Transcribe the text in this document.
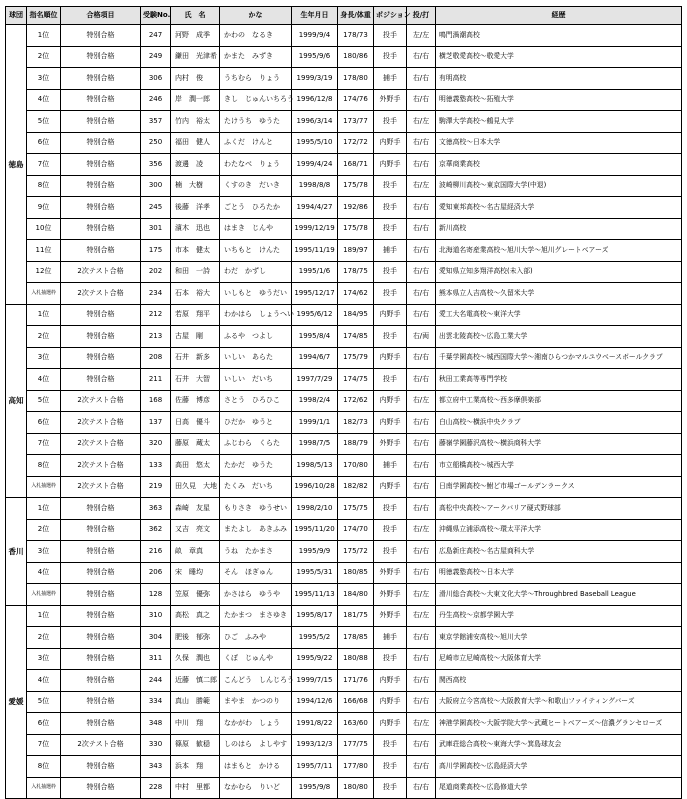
球団	指名順位	合格項目	受験No.	氏　名	かな	生年月日	身長/体重	ポジション	投/打	経歴
徳島	1位	特別合格	247	河野　成季	かわの　なるき	1999/9/4	178/73	投手	左/左	鳴門渦潮高校
	2位	特別合格	249	鎌田　光津希	かまた　みずき	1995/9/6	180/86	投手	右/右	横芝敬愛高校～敬愛大学
	3位	特別合格	306	内村　俊	うちむら　りょう	1999/3/19	178/80	捕手	右/右	有明高校
	4位	特別合格	246	岸　潤一郎	きし　じゅんいちろう	1996/12/8	174/76	外野手	右/右	明徳義塾高校～拓殖大学
	5位	特別合格	357	竹内　裕太	たけうち　ゆうた	1996/3/14	173/77	投手	右/左	駒澤大学高校～鶴見大学
	6位	特別合格	250	福田　健人	ふくだ　けんと	1995/5/10	172/72	内野手	右/右	文徳高校～日本大学
	7位	特別合格	356	渡邊　凌	わたなべ　りょう	1999/4/24	168/71	内野手	右/右	京華商業高校
	8位	特別合格	300	楠　大樹	くすのき　だいき	1998/8/8	175/78	投手	右/左	波崎柳川高校～東京国際大学(中退)
	9位	特別合格	245	後藤　洋孝	ごとう　ひろたか	1994/4/27	192/86	投手	右/右	愛知東邦高校～名古屋経済大学
	10位	特別合格	301	濱木　迅也	はまき　じんや	1999/12/19	175/78	投手	右/右	新川高校
	11位	特別合格	175	市本　健太	いちもと　けんた	1995/11/19	189/97	捕手	右/右	北海道名寄産業高校～旭川大学～旭川グレートベアーズ
	12位	2次テスト合格	202	和田　一詩	わだ　かずし	1995/1/6	178/75	投手	右/右	愛知県立知多翔洋高校(未入部)
	入札抽選枠	2次テスト合格	234	石本　裕大	いしもと　ゆうだい	1995/12/17	174/62	投手	右/右	熊本県立人吉高校～久留米大学
高知	1位	特別合格	212	若原　翔平	わかはら　しょうへい	1995/6/12	184/95	内野手	右/右	愛工大名電高校～東洋大学
	2位	特別合格	213	古屋　剛	ふるや　つよし	1995/8/4	174/85	投手	右/両	出雲北陵高校～広島工業大学
	3位	特別合格	208	石井　新多	いしい　あらた	1994/6/7	175/79	内野手	右/右	千葉学園高校～城西国際大学～湘南ひらつかマルユウベースボールクラブ
	4位	特別合格	211	石井　大智	いしい　だいち	1997/7/29	174/75	投手	右/右	秋田工業高等専門学校
	5位	2次テスト合格	168	佐藤　博彦	さとう　ひろひこ	1998/2/4	172/62	内野手	右/左	都立府中工業高校～西多摩倶楽部
	6位	2次テスト合格	137	日高　優斗	ひだか　ゆうと	1999/1/1	182/73	内野手	右/右	白山高校～横浜中央クラブ
	7位	2次テスト合格	320	藤原　蔵太	ふじわら　くらた	1998/7/5	188/79	外野手	右/右	藤嶺学園藤沢高校～横浜商科大学
	8位	2次テスト合格	133	高田　悠太	たかだ　ゆうた	1998/5/13	170/80	捕手	右/右	市立船橋高校～城西大学
	入札抽選枠	2次テスト合格	219	田久見　大地	たくみ　だいち	1996/10/28	182/82	内野手	右/右	日南学園高校～鮒ど市場ゴールデンラークス
香川	1位	特別合格	363	森崎　友星	もりさき　ゆうせい	1998/2/10	175/75	投手	右/右	高松中央高校～アークバリア硬式野球部
	2位	特別合格	362	又吉　亮文	またよし　あきふみ	1995/11/20	174/70	投手	右/左	沖縄県立浦添高校～環太平洋大学
	3位	特別合格	216	畝　章真	うね　たかまさ	1995/9/9	175/72	投手	右/右	広島新庄高校～名古屋商科大学
	4位	特別合格	206	宋　睡均	そん　ほぎゅん	1995/5/31	180/85	外野手	右/右	明徳義塾高校～日本大学
	入札抽選枠	特別合格	128	笠原　優弥	かさはら　ゆうや	1995/11/13	184/80	外野手	右/左	滑川総合高校～大東文化大学～Throughbred Baseball League
愛媛	1位	特別合格	310	高松　真之	たかまつ　まさゆき	1995/8/17	181/75	外野手	右/左	丹生高校～京都学園大学
	2位	特別合格	304	肥後　郁弥	ひご　ふみや	1995/5/2	178/85	捕手	右/右	東京学館浦安高校～旭川大学
	3位	特別合格	311	久保　潤也	くぼ　じゅんや	1995/9/22	180/88	投手	右/右	尼崎市立尼崎高校～大阪体育大学
	4位	特別合格	244	近藤　慎二郎	こんどう　しんじろう	1999/7/15	171/76	内野手	右/右	関西高校
	5位	特別合格	334	真山　勝範	まやま　かつのり	1994/12/6	166/68	内野手	右/右	大阪府立今宮高校～大阪教育大学～和歌山ファイティングバーズ
	6位	特別合格	348	中川　翔	なかがわ　しょう	1991/8/22	163/60	内野手	右/左	神港学園高校～大阪学院大学～武蔵ヒートベアーズ～信濃グランセローズ
	7位	2次テスト合格	330	篠原　歓穏	しのはら　よしやす	1993/12/3	177/75	投手	右/右	武庫荘総合高校～東海大学～箕島球友会
	8位	特別合格	343	浜本　翔	はまもと　かける	1995/7/11	177/80	投手	右/右	高川学園高校～広島経済大学
	入札抽選枠	特別合格	228	中村　里都	なかむら　りいど	1995/9/8	180/80	投手	右/右	尾道商業高校～広島修道大学
